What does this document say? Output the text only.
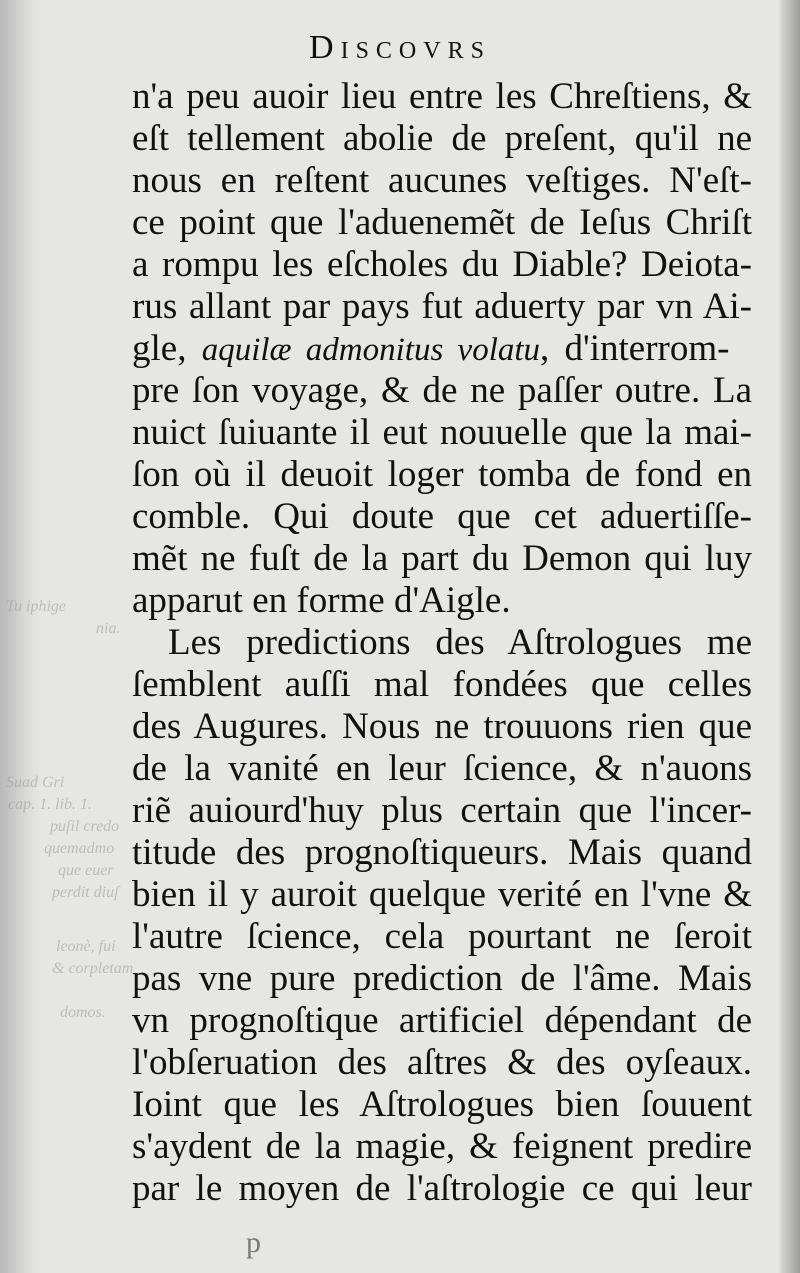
Tu iphige
nia.
Suad Gri
cap. 1. lib. 1.
puſil credo
quemadmo
que euer
perdit diuſ
leonè, fui
& corpletam
domos.
Discovrs
n'a peu auoir lieu entre les Chreſtiens, &
eſt tellement abolie de preſent, qu'il ne
nous en reſtent aucunes veſtiges. N'eſt-
ce point que l'aduenemẽt de Ieſus Chriſt
a rompu les eſcholes du Diable? Deiota-
rus allant par pays fut aduerty par vn Ai-
gle, aquilæ admonitus volatu, d'interrom-
pre ſon voyage, & de ne paſſer outre. La
nuict ſuiuante il eut nouuelle que la mai-
ſon où il deuoit loger tomba de fond en
comble. Qui doute que cet aduertiſſe-
mẽt ne fuſt de la part du Demon qui luy
apparut en forme d'Aigle.
Les predictions des Aſtrologues me
ſemblent auſſi mal fondées que celles
des Augures. Nous ne trouuons rien que
de la vanité en leur ſcience, & n'auons
riẽ auiourd'huy plus certain que l'incer-
titude des prognoſtiqueurs. Mais quand
bien il y auroit quelque verité en l'vne &
l'autre ſcience, cela pourtant ne ſeroit
pas vne pure prediction de l'âme. Mais
vn prognoſtique artificiel dépendant de
l'obſeruation des aſtres & des oyſeaux.
Ioint que les Aſtrologues bien ſouuent
s'aydent de la magie, & feignent predire
par le moyen de l'aſtrologie ce qui leur
p
